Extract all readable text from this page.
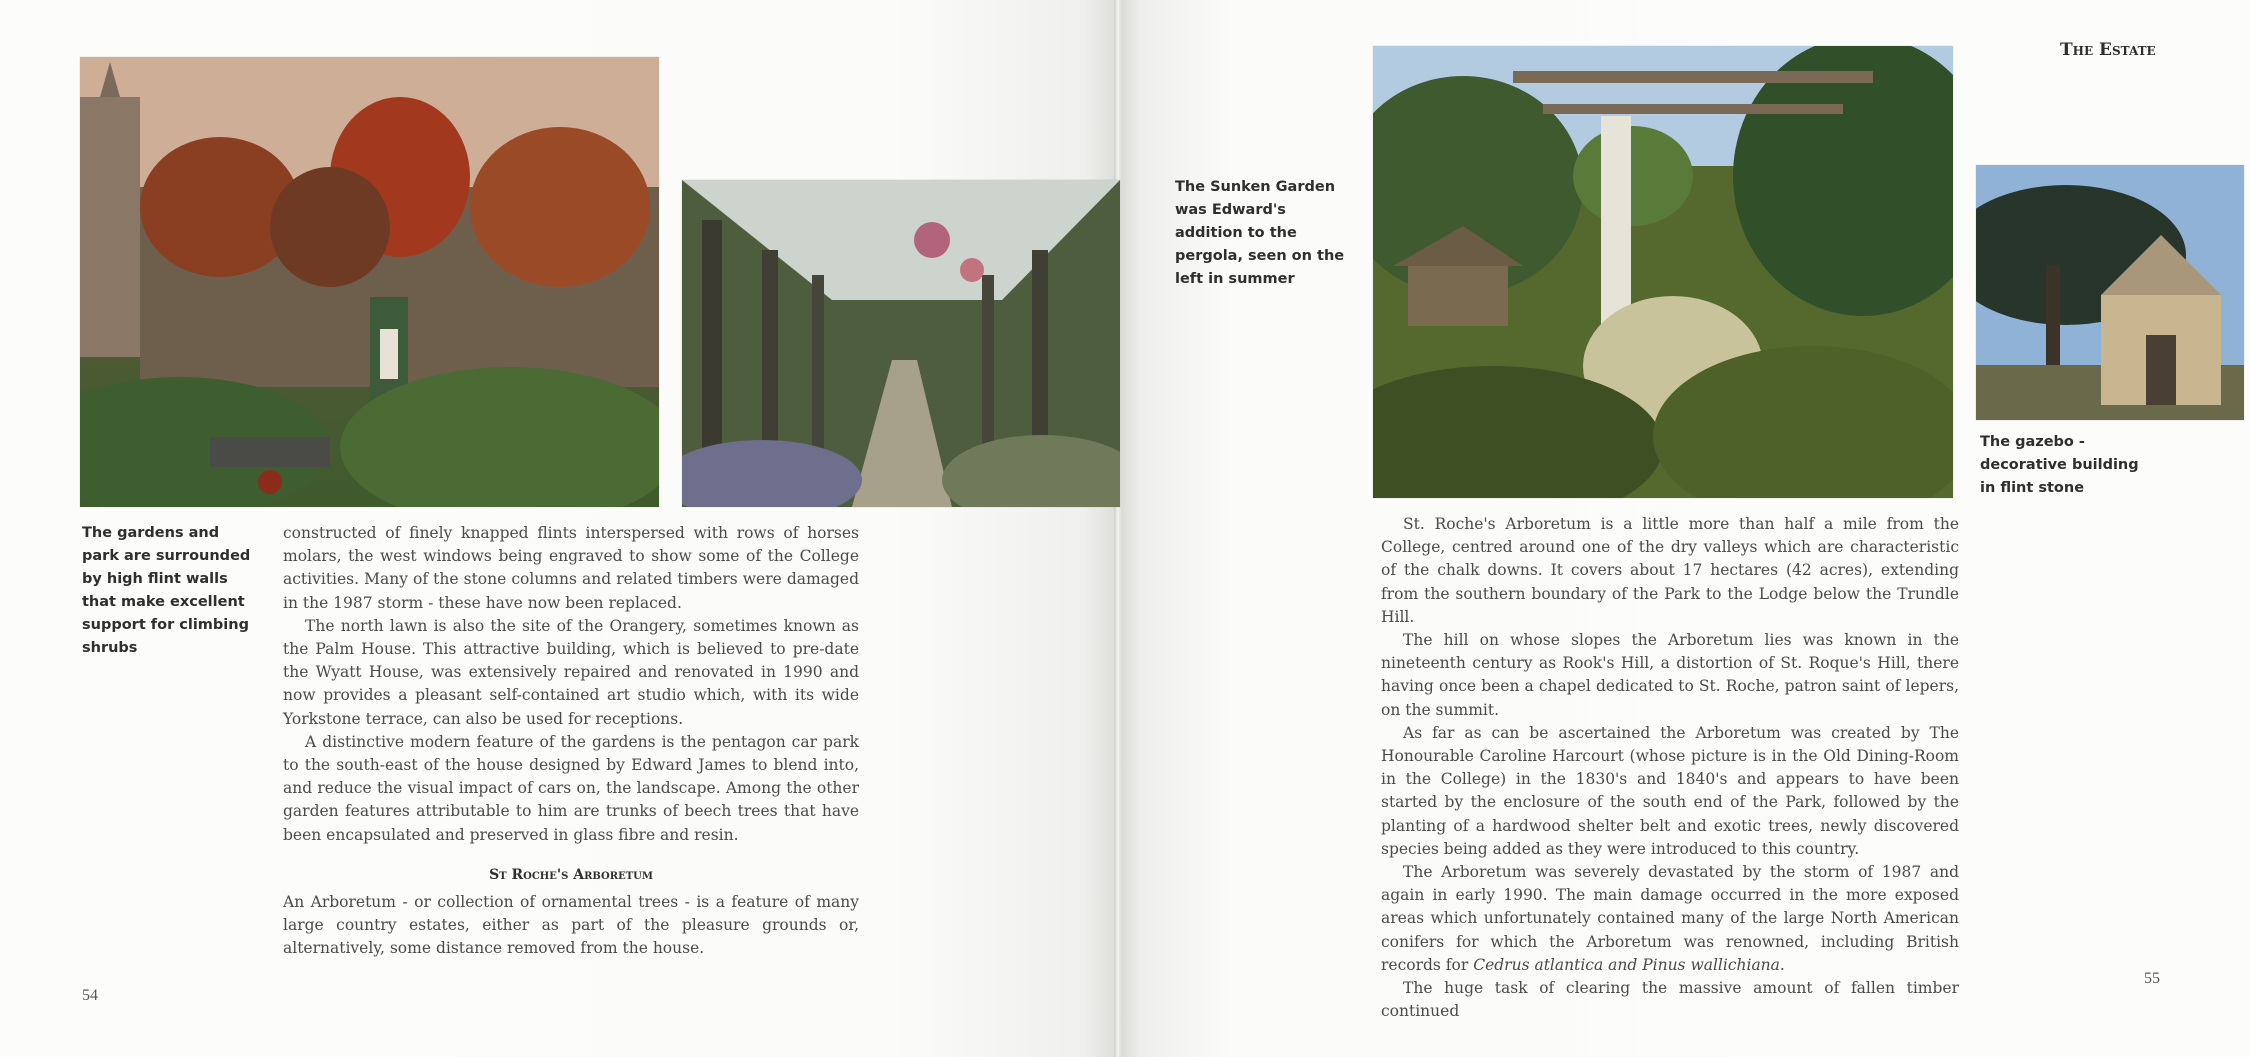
The gardens and park are surrounded by high flint walls that make excellent support for climbing shrubs

constructed of finely knapped flints interspersed with rows of horses molars, the west windows being engraved to show some of the College activities. Many of the stone columns and related timbers were damaged in the 1987 storm - these have now been replaced.

The north lawn is also the site of the Orangery, sometimes known as the Palm House. This attractive building, which is believed to pre-date the Wyatt House, was extensively repaired and renovated in 1990 and now provides a pleasant self-contained art studio which, with its wide Yorkstone terrace, can also be used for receptions.

A distinctive modern feature of the gardens is the pentagon car park to the south-east of the house designed by Edward James to blend into, and reduce the visual impact of cars on, the landscape. Among the other garden features attributable to him are trunks of beech trees that have been encapsulated and preserved in glass fibre and resin.

St Roche's Arboretum
An Arboretum - or collection of ornamental trees - is a feature of many large country estates, either as part of the pleasure grounds or, alternatively, some distance removed from the house.
54
The Estate
The Sunken Garden was Edward's addition to the pergola, seen on the left in summer
The gazebo - decorative building in flint stone

St. Roche's Arboretum is a little more than half a mile from the College, centred around one of the dry valleys which are characteristic of the chalk downs. It covers about 17 hectares (42 acres), extending from the southern boundary of the Park to the Lodge below the Trundle Hill.

The hill on whose slopes the Arboretum lies was known in the nineteenth century as Rook's Hill, a distortion of St. Roque's Hill, there having once been a chapel dedicated to St. Roche, patron saint of lepers, on the summit.

As far as can be ascertained the Arboretum was created by The Honourable Caroline Harcourt (whose picture is in the Old Dining-Room in the College) in the 1830's and 1840's and appears to have been started by the enclosure of the south end of the Park, followed by the planting of a hardwood shelter belt and exotic trees, newly discovered species being added as they were introduced to this country.

The Arboretum was severely devastated by the storm of 1987 and again in early 1990. The main damage occurred in the more exposed areas which unfortunately contained many of the large North American conifers for which the Arboretum was renowned, including British records for Cedrus atlantica and Pinus wallichiana.

The huge task of clearing the massive amount of fallen timber continued

55
